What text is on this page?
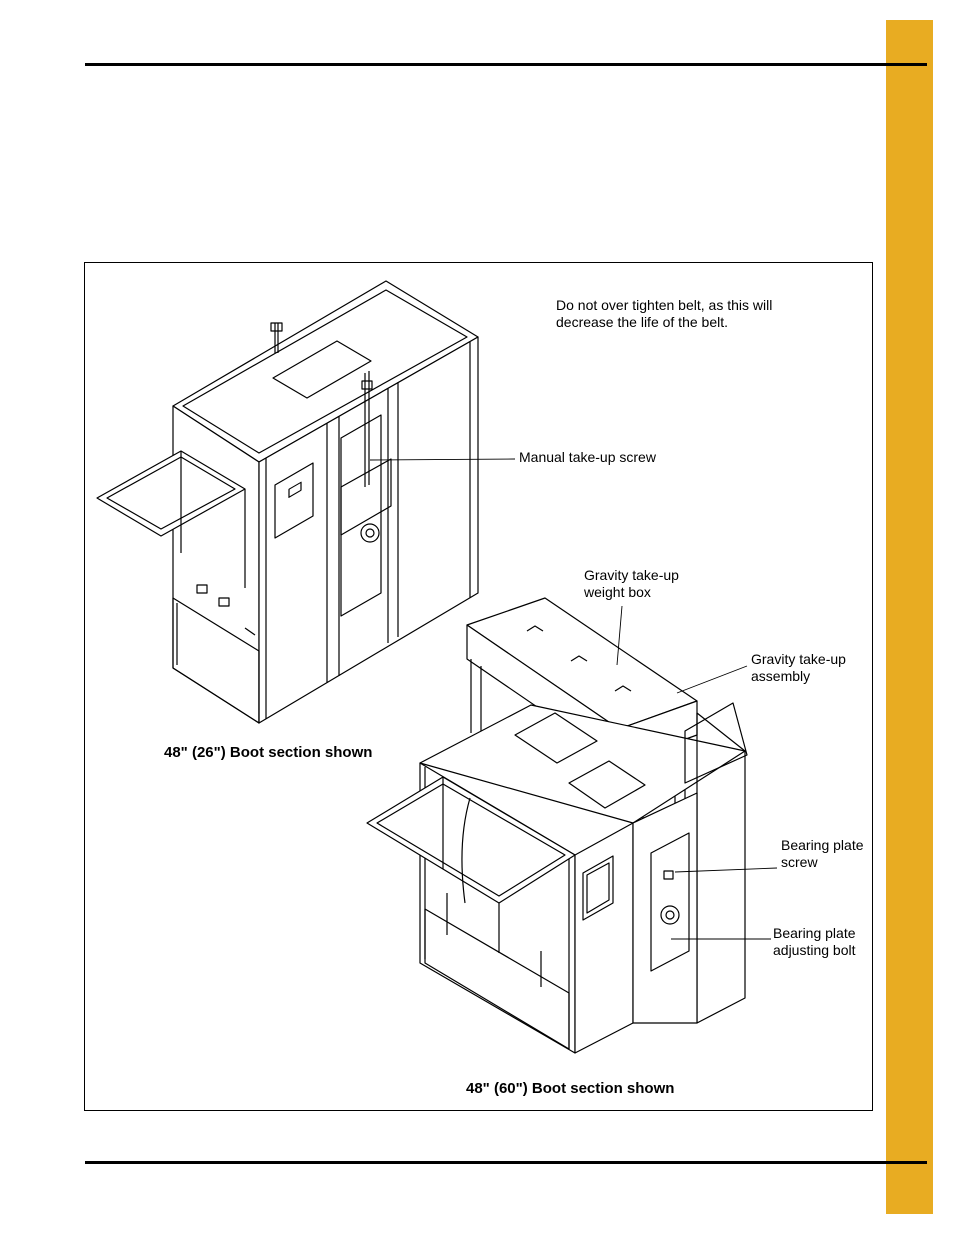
Do not over tighten belt, as this will decrease the life of the belt.
Manual take-up screw
Gravity take-up weight box
Gravity take-up assembly
Bearing plate screw
Bearing plate adjusting bolt
48" (26") Boot section shown
48" (60") Boot section shown
